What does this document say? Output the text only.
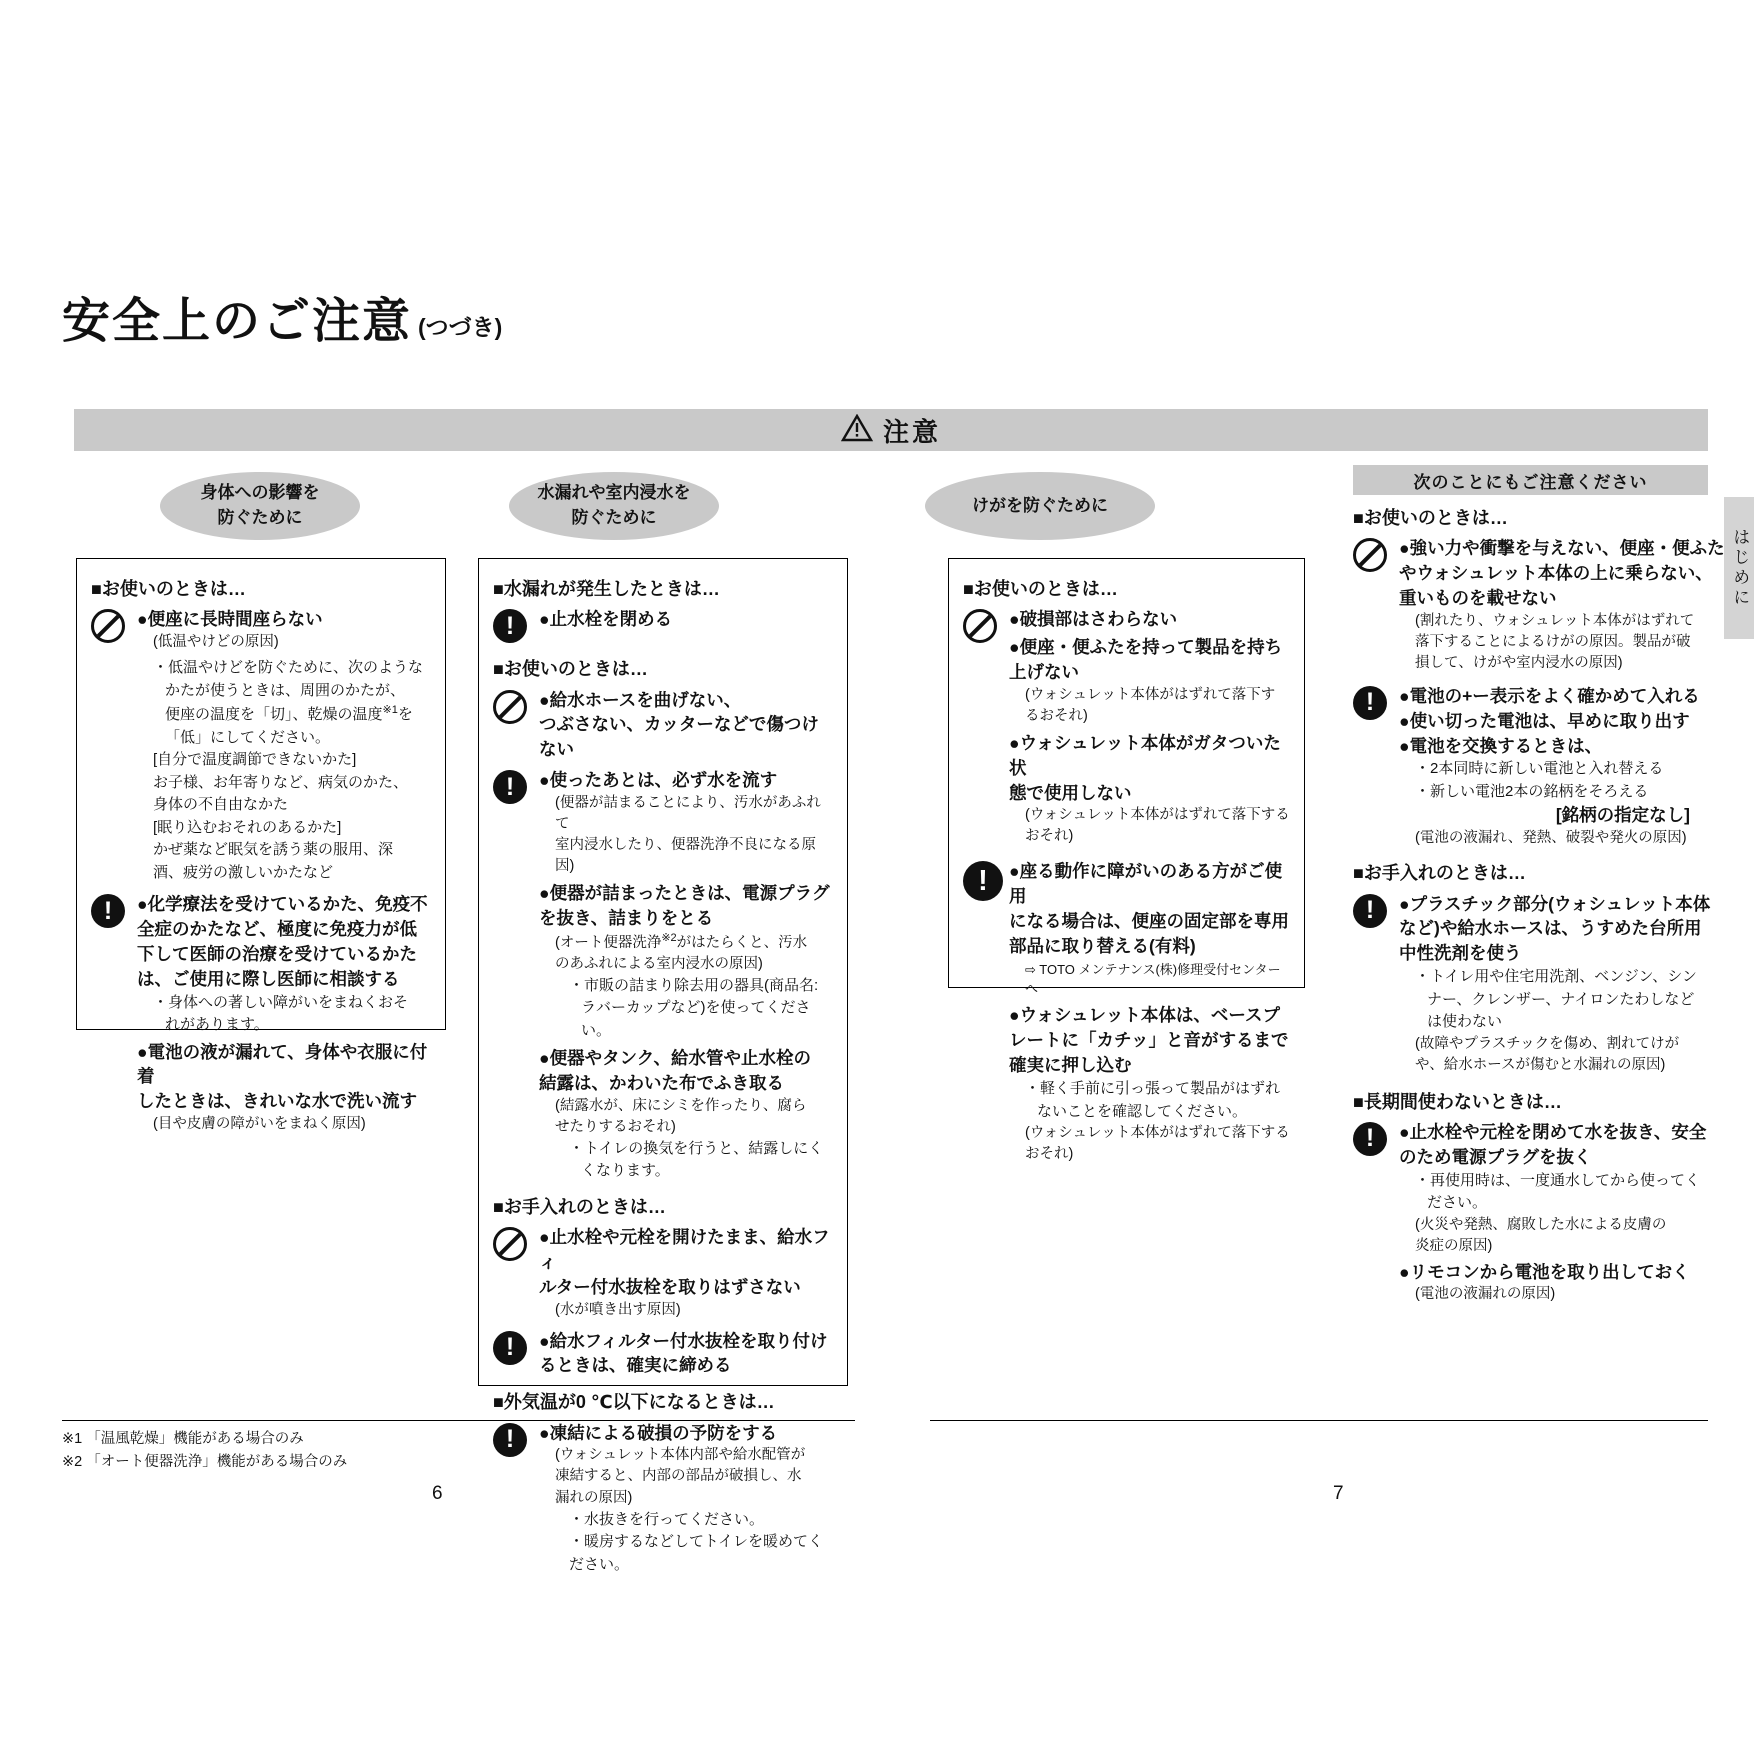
安全上のご注意 (つづき)
注意
はじめに
身体への影響を
防ぐために
■お使いのときは…
●便座に長時間座らない
(低温やけどの原因)
・低温やけどを防ぐために、次のような
かたが使うときは、周囲のかたが、
便座の温度を「切」、乾燥の温度$^{※1}$を
「低」にしてください。
[自分で温度調節できないかた]
お子様、お年寄りなど、病気のかた、
身体の不自由なかた
[眠り込むおそれのあるかた]
かぜ薬など眠気を誘う薬の服用、深
酒、疲労の激しいかたなど
!	●化学療法を受けているかた、免疫不
全症のかたなど、極度に免疫力が低
下して医師の治療を受けているかた
は、ご使用に際し医師に相談する
・身体への著しい障がいをまねくおそ
れがあります。
●電池の液が漏れて、身体や衣服に付着
したときは、きれいな水で洗い流す
(目や皮膚の障がいをまねく原因)
水漏れや室内浸水を
防ぐために
■水漏れが発生したときは…
!	●止水栓を閉める
■お使いのときは…
●給水ホースを曲げない、
つぶさない、カッターなどで傷つけない
!	●使ったあとは、必ず水を流す
(便器が詰まることにより、汚水があふれて
室内浸水したり、便器洗浄不良になる原因)
●便器が詰まったときは、電源プラグ
を抜き、詰まりをとる
(オート便器洗浄$^{※2}$がはたらくと、汚水
のあふれによる室内浸水の原因)
・市販の詰まり除去用の器具(商品名:
ラバーカップなど)を使ってください。
●便器やタンク、給水管や止水栓の
結露は、かわいた布でふき取る
(結露水が、床にシミを作ったり、腐ら
せたりするおそれ)
・トイレの換気を行うと、結露しにく
くなります。
■お手入れのときは…
●止水栓や元栓を開けたまま、給水フィ
ルター付水抜栓を取りはずさない
(水が噴き出す原因)
!	●給水フィルター付水抜栓を取り付け
るときは、確実に締める
■外気温が0 ℃以下になるときは…
!	●凍結による破損の予防をする
(ウォシュレット本体内部や給水配管が
凍結すると、内部の部品が破損し、水
漏れの原因)
・水抜きを行ってください。
・暖房するなどしてトイレを暖めてください。
けがを防ぐために
■お使いのときは…
●破損部はさわらない
●便座・便ふたを持って製品を持ち上げない
(ウォシュレット本体がはずれて落下す
るおそれ)
●ウォシュレット本体がガタついた状
態で使用しない
(ウォシュレット本体がはずれて落下するおそれ)
!	●座る動作に障がいのある方がご使用
になる場合は、便座の固定部を専用
部品に取り替える(有料)
⇨ TOTO メンテナンス(株)修理受付センターへ
●ウォシュレット本体は、ベースプ
レートに「カチッ」と音がするまで
確実に押し込む
・軽く手前に引っ張って製品がはずれ
ないことを確認してください。
(ウォシュレット本体がはずれて落下する
おそれ)
次のことにもご注意ください
■お使いのときは…
●強い力や衝撃を与えない、便座・便ふた
やウォシュレット本体の上に乗らない、
重いものを載せない
(割れたり、ウォシュレット本体がはずれて
落下することによるけがの原因。製品が破
損して、けがや室内浸水の原因)
!	●電池の+ー表示をよく確かめて入れる
●使い切った電池は、早めに取り出す
●電池を交換するときは、
・2本同時に新しい電池と入れ替える
・新しい電池2本の銘柄をそろえる
[銘柄の指定なし]
(電池の液漏れ、発熱、破裂や発火の原因)
■お手入れのときは…
!	●プラスチック部分(ウォシュレット本体
など)や給水ホースは、うすめた台所用
中性洗剤を使う
・トイレ用や住宅用洗剤、ベンジン、シン
ナー、クレンザー、ナイロンたわしなど
は使わない
(故障やプラスチックを傷め、割れてけが
や、給水ホースが傷むと水漏れの原因)
■長期間使わないときは…
!	●止水栓や元栓を閉めて水を抜き、安全
のため電源プラグを抜く
・再使用時は、一度通水してから使ってく
ださい。
(火災や発熱、腐敗した水による皮膚の
炎症の原因)
●リモコンから電池を取り出しておく
(電池の液漏れの原因)
※1 「温風乾燥」機能がある場合のみ
※2 「オート便器洗浄」機能がある場合のみ
6	7
